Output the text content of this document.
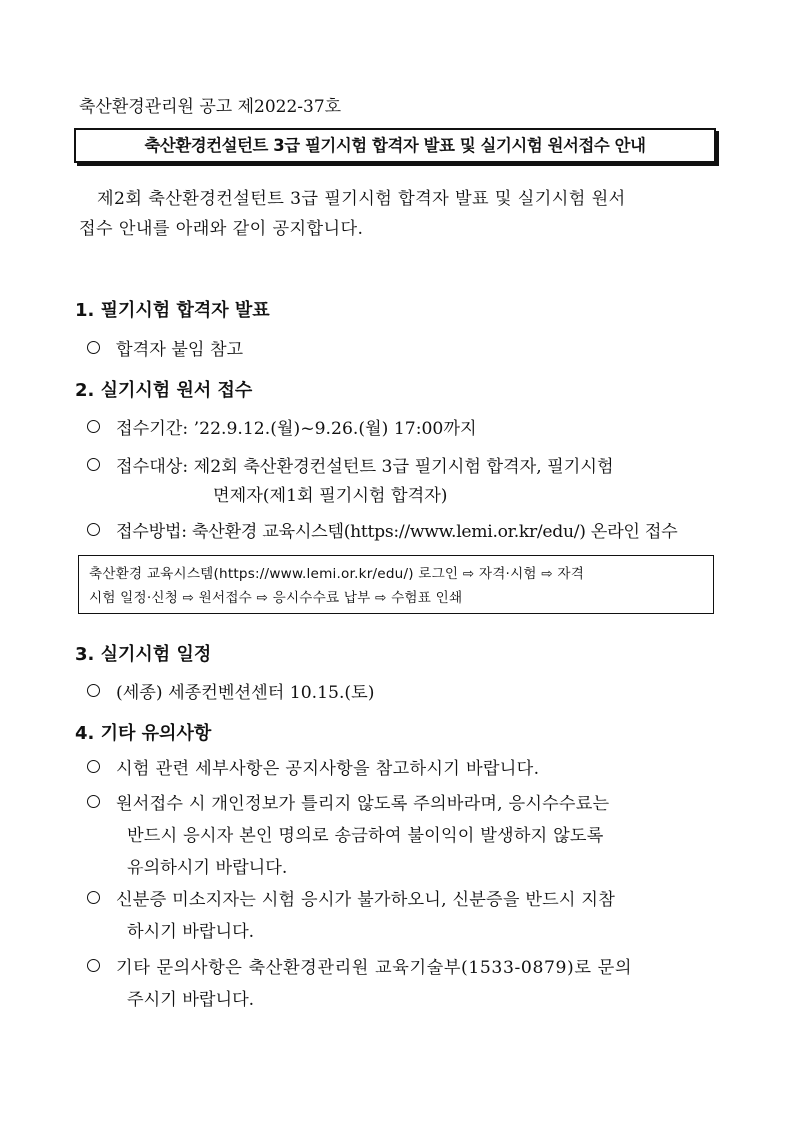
축산환경관리원 공고 제2022-37호
축산환경컨설턴트 3급 필기시험 합격자 발표 및 실기시험 원서접수 안내
제2회 축산환경컨설턴트 3급 필기시험 합격자 발표 및 실기시험 원서
접수 안내를 아래와 같이 공지합니다.
1. 필기시험 합격자 발표
합격자 붙임 참고
2. 실기시험 원서 접수
접수기간: ’22.9.12.(월)~9.26.(월) 17:00까지
접수대상: 제2회 축산환경컨설턴트 3급 필기시험 합격자, 필기시험
면제자(제1회 필기시험 합격자)
접수방법: 축산환경 교육시스템(https://www.lemi.or.kr/edu/) 온라인 접수
축산환경 교육시스템(https://www.lemi.or.kr/edu/) 로그인 ⇨ 자격·시험 ⇨ 자격
시험 일정·신청 ⇨ 원서접수 ⇨ 응시수수료 납부 ⇨ 수험표 인쇄
3. 실기시험 일정
(세종) 세종컨벤션센터 10.15.(토)
4. 기타 유의사항
시험 관련 세부사항은 공지사항을 참고하시기 바랍니다.
원서접수 시 개인정보가 틀리지 않도록 주의바라며, 응시수수료는
반드시 응시자 본인 명의로 송금하여 불이익이 발생하지 않도록
유의하시기 바랍니다.
신분증 미소지자는 시험 응시가 불가하오니, 신분증을 반드시 지참
하시기 바랍니다.
기타 문의사항은 축산환경관리원 교육기술부(1533-0879)로 문의
주시기 바랍니다.
